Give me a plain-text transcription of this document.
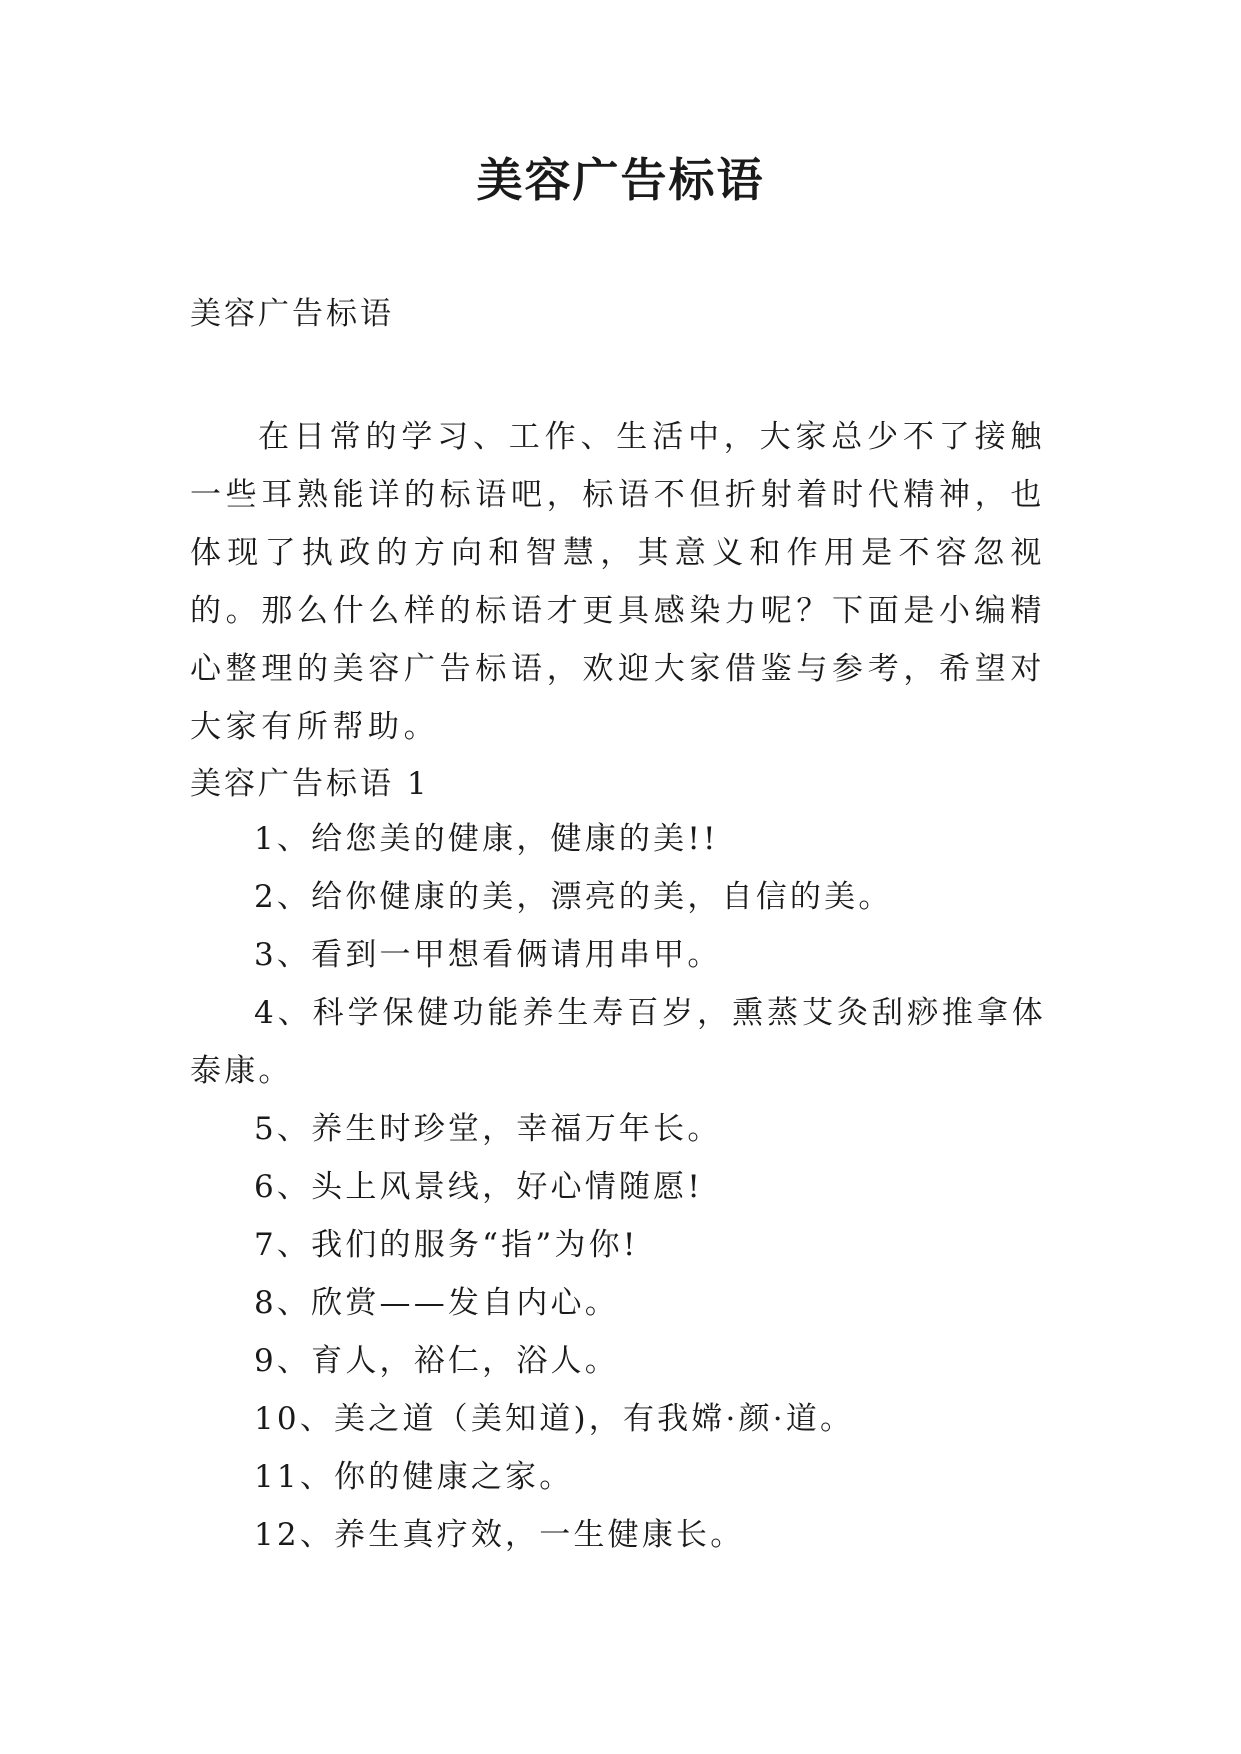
美容广告标语
美容广告标语

在日常的学习、工作、生活中，大家总少不了接触一些耳熟能详的标语吧，标语不但折射着时代精神，也体现了执政的方向和智慧，其意义和作用是不容忽视的。那么什么样的标语才更具感染力呢？下面是小编精心整理的美容广告标语，欢迎大家借鉴与参考，希望对大家有所帮助。

美容广告标语 1
1、给您美的健康，健康的美!!
2、给你健康的美，漂亮的美，自信的美。
3、看到一甲想看俩请用串甲。
4、科学保健功能养生寿百岁，熏蒸艾灸刮痧推拿体泰康。
5、养生时珍堂，幸福万年长。
6、头上风景线，好心情随愿!
7、我们的服务“指”为你!
8、欣赏——发自内心。
9、育人，裕仁，浴人。
10、美之道（美知道)，有我嫦·颜·道。
11、你的健康之家。
12、养生真疗效，一生健康长。
